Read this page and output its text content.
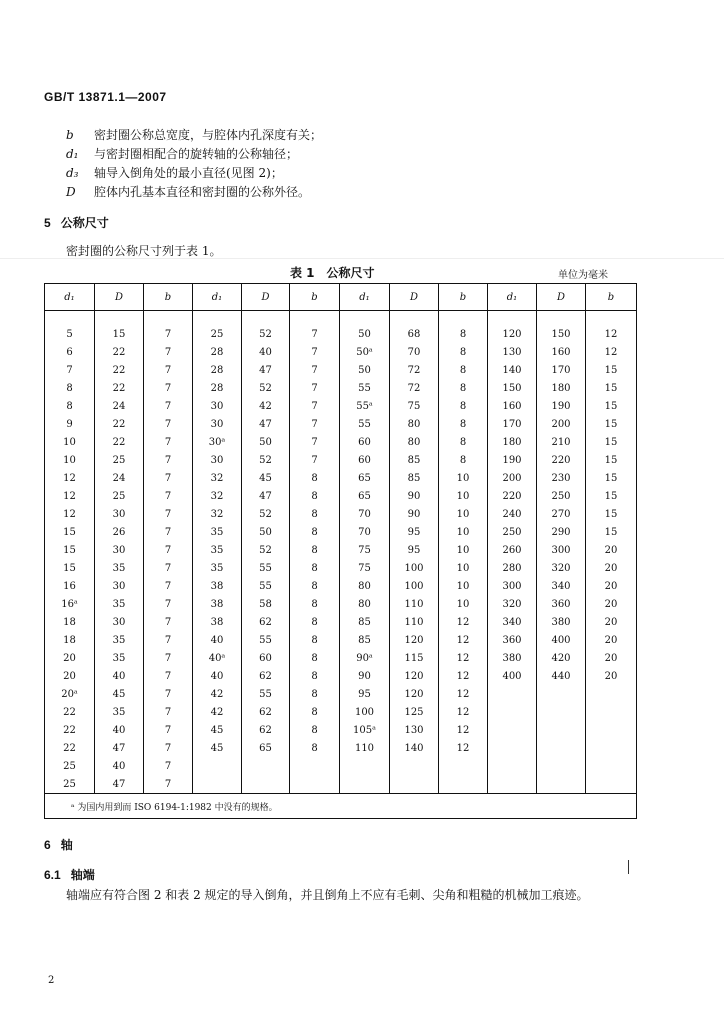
GB/T 13871.1—2007
b 密封圈公称总宽度，与腔体内孔深度有关；
d₁ 与密封圈相配合的旋转轴的公称轴径；
d₃ 轴导入倒角处的最小直径(见图 2)；
D 腔体内孔基本直径和密封圈的公称外径。
5 公称尺寸
密封圈的公称尺寸列于表 1。
表 1　公称尺寸	单位为毫米
d₁	D	b	d₁	D	b	d₁	D	b	d₁	D	b
5	15	7	25	52	7	50	68	8	120	150	12
6	22	7	28	40	7	50ᵃ	70	8	130	160	12
7	22	7	28	47	7	50	72	8	140	170	15
8	22	7	28	52	7	55	72	8	150	180	15
8	24	7	30	42	7	55ᵃ	75	8	160	190	15
9	22	7	30	47	7	55	80	8	170	200	15
10	22	7	30ᵃ	50	7	60	80	8	180	210	15
10	25	7	30	52	7	60	85	8	190	220	15
12	24	7	32	45	8	65	85	10	200	230	15
12	25	7	32	47	8	65	90	10	220	250	15
12	30	7	32	52	8	70	90	10	240	270	15
15	26	7	35	50	8	70	95	10	250	290	15
15	30	7	35	52	8	75	95	10	260	300	20
15	35	7	35	55	8	75	100	10	280	320	20
16	30	7	38	55	8	80	100	10	300	340	20
16ᵃ	35	7	38	58	8	80	110	10	320	360	20
18	30	7	38	62	8	85	110	12	340	380	20
18	35	7	40	55	8	85	120	12	360	400	20
20	35	7	40ᵃ	60	8	90ᵃ	115	12	380	420	20
20	40	7	40	62	8	90	120	12	400	440	20
20ᵃ	45	7	42	55	8	95	120	12			
22	35	7	42	62	8	100	125	12			
22	40	7	45	62	8	105ᵃ	130	12			
22	47	7	45	65	8	110	140	12			
25	40	7									
25	47	7									
ᵃ 为国内用到而 ISO 6194-1:1982 中没有的规格。											
6 轴
6.1 轴端
轴端应有符合图 2 和表 2 规定的导入倒角，并且倒角上不应有毛刺、尖角和粗糙的机械加工痕迹。
2
